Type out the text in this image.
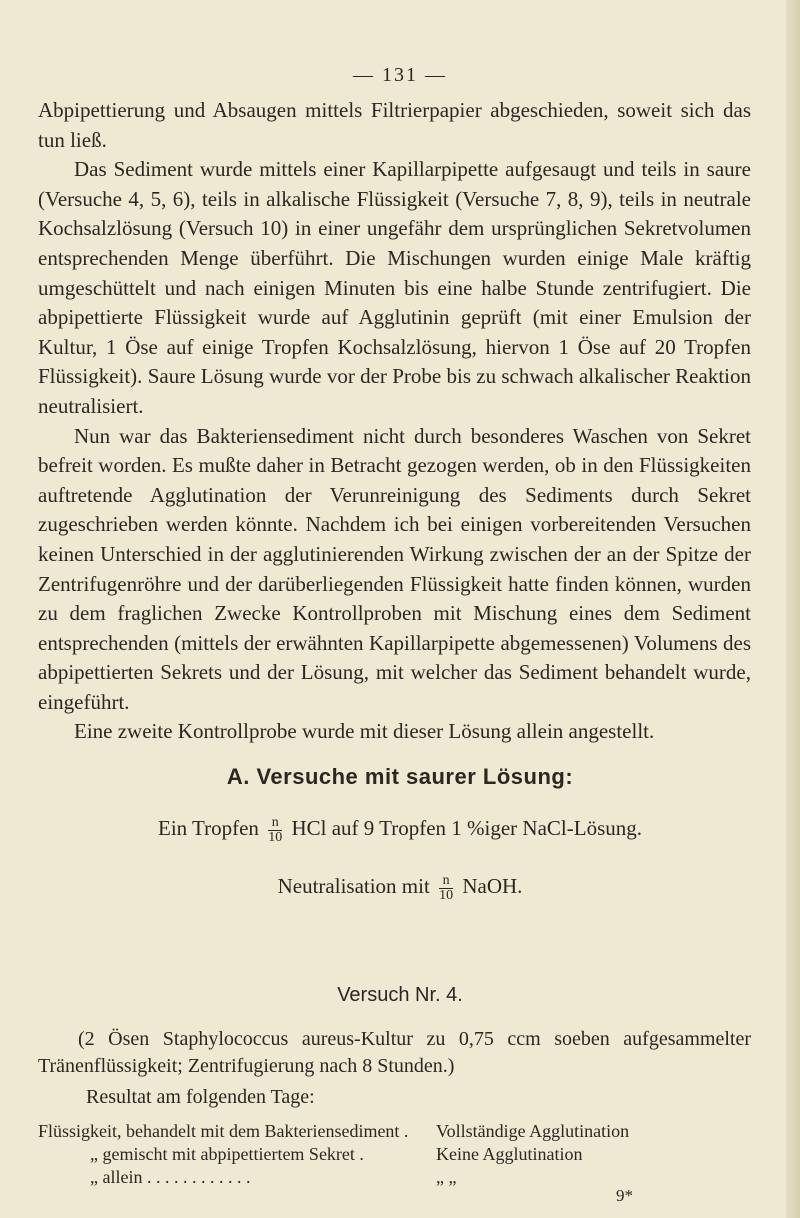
— 131 —

Abpipettierung und Absaugen mittels Filtrierpapier abgeschieden, soweit sich das tun ließ.

Das Sediment wurde mittels einer Kapillarpipette aufgesaugt und teils in saure (Versuche 4, 5, 6), teils in alkalische Flüssigkeit (Versuche 7, 8, 9), teils in neutrale Kochsalzlösung (Versuch 10) in einer ungefähr dem ursprünglichen Sekretvolumen entsprechenden Menge überführt. Die Mischungen wurden einige Male kräftig umgeschüttelt und nach einigen Minuten bis eine halbe Stunde zentrifugiert. Die abpipettierte Flüssigkeit wurde auf Agglutinin geprüft (mit einer Emulsion der Kultur, 1 Öse auf einige Tropfen Kochsalzlösung, hiervon 1 Öse auf 20 Tropfen Flüssigkeit). Saure Lösung wurde vor der Probe bis zu schwach alkalischer Reaktion neutralisiert.

Nun war das Bakteriensediment nicht durch besonderes Waschen von Sekret befreit worden. Es mußte daher in Betracht gezogen werden, ob in den Flüssigkeiten auftretende Agglutination der Verunreinigung des Sediments durch Sekret zugeschrieben werden könnte. Nachdem ich bei einigen vorbereitenden Versuchen keinen Unterschied in der agglutinierenden Wirkung zwischen der an der Spitze der Zentrifugenröhre und der darüberliegenden Flüssigkeit hatte finden können, wurden zu dem fraglichen Zwecke Kontrollproben mit Mischung eines dem Sediment entsprechenden (mittels der erwähnten Kapillarpipette abgemessenen) Volumens des abpipettierten Sekrets und der Lösung, mit welcher das Sediment behandelt wurde, eingeführt.

Eine zweite Kontrollprobe wurde mit dieser Lösung allein angestellt.

A. Versuche mit saurer Lösung:
Ein Tropfen $\frac{n}{10}$ HCl auf 9 Tropfen 1 %iger NaCl-Lösung.
Neutralisation mit $\frac{n}{10}$ NaOH.
Versuch Nr. 4.
(2 Ösen Staphylococcus aureus-Kultur zu 0,75 ccm soeben aufgesammelter Tränenflüssigkeit; Zentrifugierung nach 8 Stunden.)
Resultat am folgenden Tage:
Flüssigkeit, behandelt mit dem Bakteriensediment .	Vollständige Agglutination
„ gemischt mit abpipettiertem Sekret .	Keine Agglutination
„ allein . . . . . . . . . . . .	„ „
9*
